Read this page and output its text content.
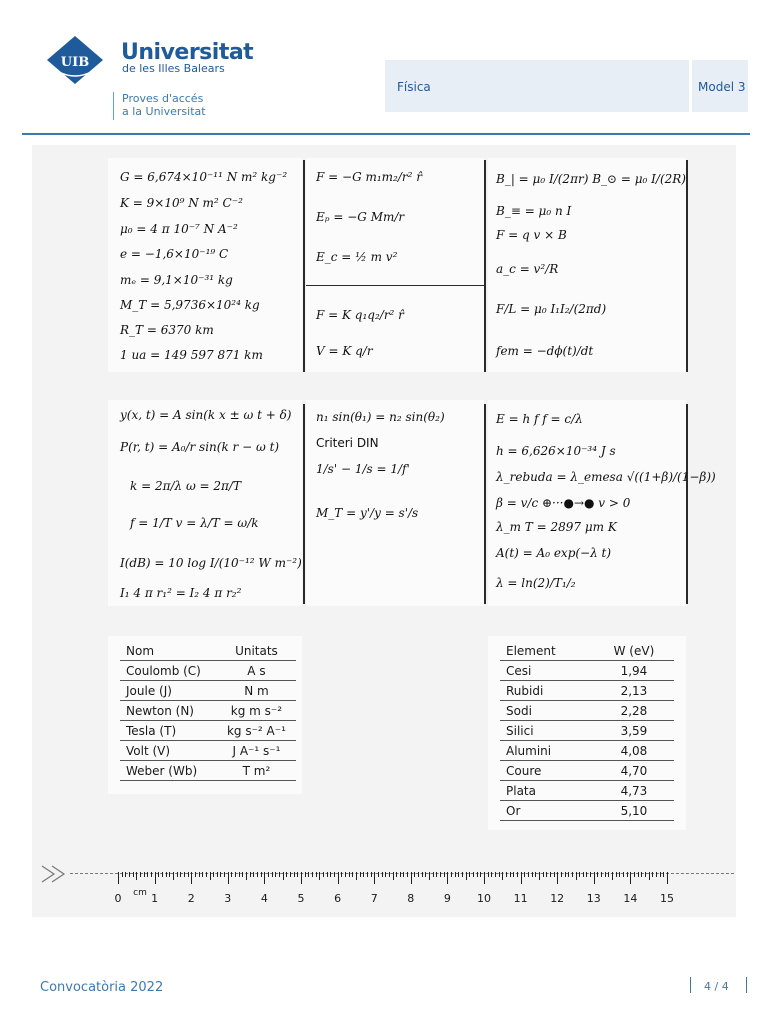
UIB Universitat
de les Illes Balears
Proves d'accés
a la Universitat
Física	Model 3
G = 6,674×10⁻¹¹ N m² kg⁻²
K = 9×10⁹ N m² C⁻²
μ₀ = 4 π 10⁻⁷ N A⁻²
e = −1,6×10⁻¹⁹ C
mₑ = 9,1×10⁻³¹ kg
M_T = 5,9736×10²⁴ kg
R_T = 6370 km
1 ua = 149 597 871 km
F = −G m₁m₂/r² r̂
Eₚ = −G Mm/r
E_c = ½ m v²
F = K q₁q₂/r² r̂
V = K q/r
B_| = μ₀ I/(2πr) B_⊙ = μ₀ I/(2R)
B_≡ = μ₀ n I
F = q v × B
a_c = v²/R
F/L = μ₀ I₁I₂/(2πd)
fem = −dϕ(t)/dt
y(x, t) = A sin(k x ± ω t + δ)
P(r, t) = A₀/r sin(k r − ω t)
k = 2π/λ ω = 2π/T
f = 1/T v = λ/T = ω/k
I(dB) = 10 log I/(10⁻¹² W m⁻²)
I₁ 4 π r₁² = I₂ 4 π r₂²
n₁ sin(θ₁) = n₂ sin(θ₂)
Criteri DIN
1/s' − 1/s = 1/f'
M_T = y'/y = s'/s
E = h f f = c/λ
h = 6,626×10⁻³⁴ J s
λ_rebuda = λ_emesa √((1+β)/(1−β))
β = v/c ⊕···●→● v > 0
λ_m T = 2897 μm K
A(t) = A₀ exp(−λ t)
λ = ln(2)/T₁/₂
Nom	Unitats
Coulomb (C)	A s
Joule (J)	N m
Newton (N)	kg m s⁻²
Tesla (T)	kg s⁻² A⁻¹
Volt (V)	J A⁻¹ s⁻¹
Weber (Wb)	T m²
Element	W (eV)
Cesi	1,94
Rubidi	2,13
Sodi	2,28
Silici	3,59
Alumini	4,08
Coure	4,70
Plata	4,73
Or	5,10
0	1	2	3	4	5	6	7	8	9 10 11 12 13 14 15
cm
Convocatòria 2022	4 / 4
